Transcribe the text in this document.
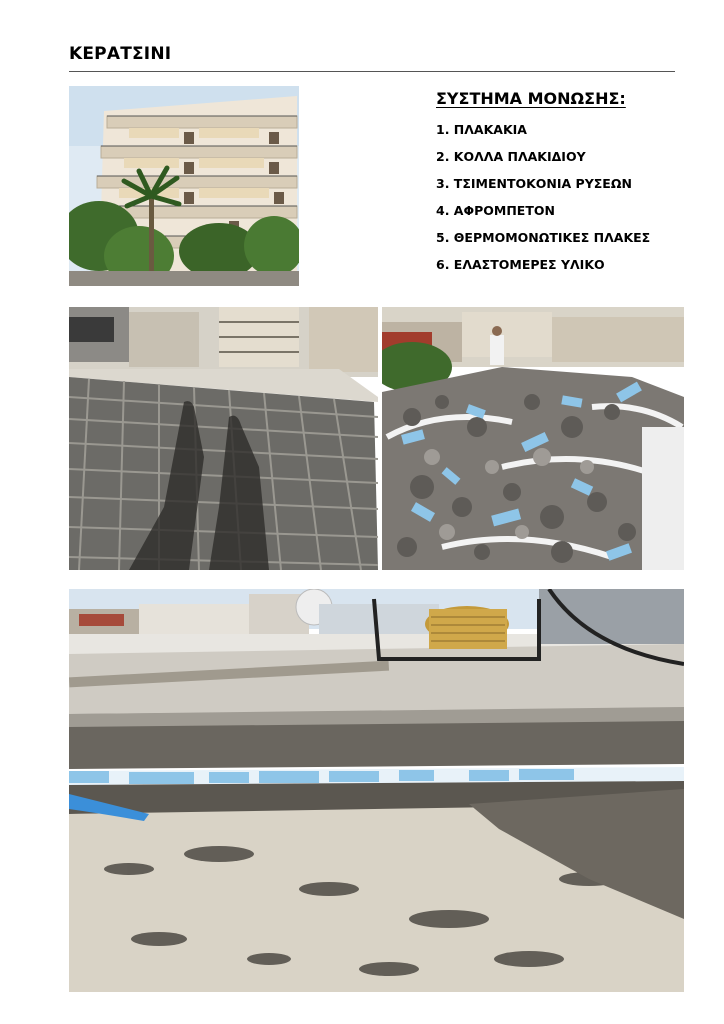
ΚΕΡΑΤΣΙΝΙ
ΣΥΣΤΗΜΑ ΜΟΝΩΣΗΣ:
1. ΠΛΑΚΑΚΙΑ
2. ΚΟΛΛΑ ΠΛΑΚΙΔΙΟΥ
3. ΤΣΙΜΕΝΤΟΚΟΝΙΑ ΡΥΣΕΩΝ
4. ΑΦΡΟΜΠΕΤΟΝ
5. ΘΕΡΜΟΜΟΝΩΤΙΚΕΣ ΠΛΑΚΕΣ
6. ΕΛΑΣΤΟΜΕΡΕΣ ΥΛΙΚΟ
